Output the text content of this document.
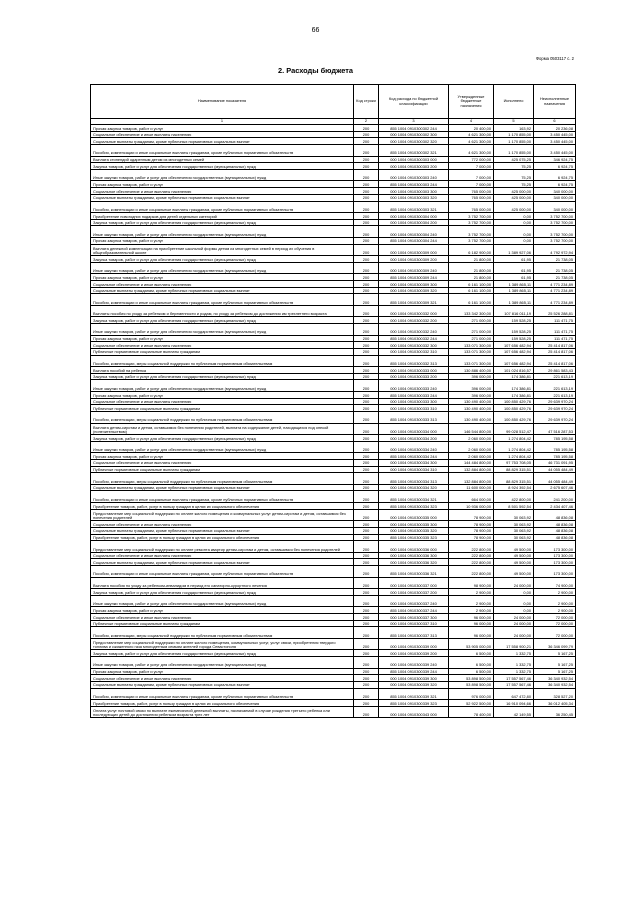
66
Форма 0503117 с. 2
2. Расходы бюджета
Наименование показателя	Код строки	Код расхода по бюджетной классификации	Утвержденные бюджетные назначения	Исполнено	Неисполненные назначения
1	2	3	4	5	6
Прочая закупка товаров, работ и услуг	200	855 1004 0910300302 244	20 400,00	163,92	20 236,08
Социальное обеспечение и иные выплаты населению	200	000 1004 0910300302 300	4 621 300,00	1 170 855,00	3 450 445,00
Социальные выплаты гражданам, кроме публичных нормативных социальных выплат	200	000 1004 0910300302 320	4 621 300,00	1 170 855,00	3 450 445,00
Пособия, компенсации и иные социальные выплаты гражданам, кроме публичных нормативных обязательств	200	855 1004 0910300302 321	4 621 300,00	1 170 855,00	3 450 445,00
Выплата стипендий одаренным детям из многодетных семей	200	000 1004 0910300303 000	772 000,00	425 075,25	346 924,75
Закупка товаров, работ и услуг для обеспечения государственных (муниципальных) нужд	200	000 1004 0910300303 200	7 000,00	75,25	6 924,75
Иные закупки товаров, работ и услуг для обеспечения государственных (муниципальных) нужд	200	000 1004 0910300303 240	7 000,00	75,25	6 924,75
Прочая закупка товаров, работ и услуг	200	855 1004 0910300303 244	7 000,00	75,25	6 924,75
Социальное обеспечение и иные выплаты населению	200	000 1004 0910300303 300	765 000,00	425 000,00	340 000,00
Социальные выплаты гражданам, кроме публичных нормативных социальных выплат	200	000 1004 0910300303 320	765 000,00	425 000,00	340 000,00
Пособия, компенсации и иные социальные выплаты гражданам, кроме публичных нормативных обязательств	200	855 1004 0910300303 321	765 000,00	425 000,00	340 000,00
Приобретение новогодних подарков для детей отдельных категорий	200	000 1004 0910300304 000	3 752 700,00	0,00	3 752 700,00
Закупка товаров, работ и услуг для обеспечения государственных (муниципальных) нужд	200	000 1004 0910300304 200	3 752 700,00	0,00	3 752 700,00
Иные закупки товаров, работ и услуг для обеспечения государственных (муниципальных) нужд	200	000 1004 0910300304 240	3 752 700,00	0,00	3 752 700,00
Прочая закупка товаров, работ и услуг	200	855 1004 0910300304 244	3 752 700,00	0,00	3 752 700,00
Выплата денежной компенсации на приобретение школьной формы детям из многодетных семей в период их обучения в общеобразовательной школе	200	000 1004 0910300309 000	6 182 900,00	1 389 927,06	4 792 972,94
Закупка товаров, работ и услуг для обеспечения государственных (муниципальных) нужд	200	000 1004 0910300309 200	21 800,00	61,95	21 738,05
Иные закупки товаров, работ и услуг для обеспечения государственных (муниципальных) нужд	200	000 1004 0910300309 240	21 800,00	61,95	21 738,05
Прочая закупка товаров, работ и услуг	200	855 1004 0910300309 244	21 800,00	61,95	21 738,05
Социальное обеспечение и иные выплаты населению	200	000 1004 0910300309 300	6 161 100,00	1 389 865,11	4 771 234,89
Социальные выплаты гражданам, кроме публичных нормативных социальных выплат	200	000 1004 0910300309 320	6 161 100,00	1 389 865,11	4 771 234,89
Пособия, компенсации и иные социальные выплаты гражданам, кроме публичных нормативных обязательств	200	855 1004 0910300309 321	6 161 100,00	1 389 865,11	4 771 234,89
Выплаты пособия по уходу за ребенком и беременности и родам, по уходу за ребенком до достижения им трехлетнего возраста	200	000 1004 0910300332 000	133 342 300,00	107 816 011,19	25 526 288,81
Закупка товаров, работ и услуг для обеспечения государственных (муниципальных) нужд	200	000 1004 0910300332 200	271 000,00	159 528,25	111 471,75
Иные закупки товаров, работ и услуг для обеспечения государственных (муниципальных) нужд	200	000 1004 0910300332 240	271 000,00	159 528,25	111 471,75
Прочая закупка товаров, работ и услуг	200	855 1004 0910300332 244	271 000,00	159 528,25	111 471,75
Социальное обеспечение и иные выплаты населению	200	000 1004 0910300332 300	133 071 300,00	107 656 482,94	25 414 817,06
Публичные нормативные социальные выплаты гражданам	200	000 1004 0910300332 310	133 071 300,00	107 656 482,94	25 414 817,06
Пособия, компенсации, меры социальной поддержки по публичным нормативным обязательствам	200	855 1004 0910300332 313	133 071 300,00	107 656 482,94	25 414 817,06
Выплата пособий на ребенка	200	000 1004 0910300333 000	130 886 400,00	101 024 816,57	29 861 583,43
Закупка товаров, работ и услуг для обеспечения государственных (муниципальных) нужд	200	000 1004 0910300333 200	396 000,00	174 386,81	221 613,19
Иные закупки товаров, работ и услуг для обеспечения государственных (муниципальных) нужд	200	000 1004 0910300333 240	396 000,00	174 386,81	221 613,19
Прочая закупка товаров, работ и услуг	200	855 1004 0910300333 244	396 000,00	174 386,81	221 613,19
Социальное обеспечение и иные выплаты населению	200	000 1004 0910300333 300	130 490 400,00	100 850 429,76	29 639 970,24
Публичные нормативные социальные выплаты гражданам	200	000 1004 0910300333 310	130 490 400,00	100 850 429,76	29 639 970,24
Пособия, компенсации, меры социальной поддержки по публичным нормативным обязательствам	200	855 1004 0910300333 313	130 490 400,00	100 850 429,76	29 639 970,24
Выплата детям-сиротам и детям, оставшимся без попечения родителей, выплата на содержание детей, находящихся под опекой (попечительством)	200	000 1004 0910300334 000	146 544 800,00	99 028 512,47	47 516 287,53
Закупка товаров, работ и услуг для обеспечения государственных (муниципальных) нужд	200	000 1004 0910300334 200	2 060 000,00	1 274 804,42	785 195,58
Иные закупки товаров, работ и услуг для обеспечения государственных (муниципальных) нужд	200	000 1004 0910300334 240	2 060 000,00	1 274 804,42	785 195,58
Прочая закупка товаров, работ и услуг	200	855 1004 0910300334 244	2 060 000,00	1 274 804,42	785 195,58
Социальное обеспечение и иные выплаты населению	200	000 1004 0910300334 300	144 484 800,00	97 753 708,05	46 731 091,95
Публичные нормативные социальные выплаты гражданам	200	000 1004 0910300334 310	132 884 800,00	88 829 315,51	44 055 484,49
Пособия, компенсации, меры социальной поддержки по публичным нормативным обязательствам	200	855 1004 0910300334 313	132 884 800,00	88 829 315,51	44 055 484,49
Социальные выплаты гражданам, кроме публичных нормативных социальных выплат	200	000 1004 0910300334 320	11 600 000,00	8 924 392,54	2 675 607,46
Пособия, компенсации и иные социальные выплаты гражданам, кроме публичных нормативных обязательств	200	855 1004 0910300334 321	664 000,00	422 800,00	241 200,00
Приобретение товаров, работ, услуг в пользу граждан в целях их социального обеспечения	200	855 1004 0910300334 323	10 936 000,00	8 501 592,54	2 434 407,46
Предоставление мер социальной поддержки по оплате жилого помещения и коммунальных услуг детям-сиротам и детям, оставшимся без попечения родителей	200	000 1004 0910300335 000	78 900,00	30 063,92	48 836,08
Социальное обеспечение и иные выплаты населению	200	000 1004 0910300335 300	78 900,00	30 063,92	48 836,08
Социальные выплаты гражданам, кроме публичных нормативных социальных выплат	200	000 1004 0910300335 320	78 900,00	30 063,92	48 836,08
Приобретение товаров, работ, услуг в пользу граждан в целях их социального обеспечения	200	855 1004 0910300335 323	78 900,00	30 063,92	48 836,08
Предоставление мер социальной поддержки по оплате ремонта квартир детям-сиротам и детям, оставшимся без попечения родителей	200	000 1004 0910300336 000	222 800,00	49 500,00	173 300,00
Социальное обеспечение и иные выплаты населению	200	000 1004 0910300336 300	222 800,00	49 500,00	173 300,00
Социальные выплаты гражданам, кроме публичных нормативных социальных выплат	200	000 1004 0910300336 320	222 800,00	49 500,00	173 300,00
Пособия, компенсации и иные социальные выплаты гражданам, кроме публичных нормативных обязательств	200	855 1004 0910300336 321	222 800,00	49 500,00	173 300,00
Выплата пособия по уходу за ребенком-инвалидом в период его санаторно-курортного лечения	200	000 1004 0910300337 000	98 900,00	24 000,00	74 900,00
Закупка товаров, работ и услуг для обеспечения государственных (муниципальных) нужд	200	000 1004 0910300337 200	2 900,00	0,00	2 900,00
Иные закупки товаров, работ и услуг для обеспечения государственных (муниципальных) нужд	200	000 1004 0910300337 240	2 900,00	0,00	2 900,00
Прочая закупка товаров, работ и услуг	200	855 1004 0910300337 244	2 900,00	0,00	2 900,00
Социальное обеспечение и иные выплаты населению	200	000 1004 0910300337 300	96 000,00	24 000,00	72 000,00
Публичные нормативные социальные выплаты гражданам	200	000 1004 0910300337 310	96 000,00	24 000,00	72 000,00
Пособия, компенсации, меры социальной поддержки по публичным нормативным обязательствам	200	855 1004 0910300337 313	96 000,00	24 000,00	72 000,00
Предоставление мер социальной поддержки по оплате жилого помещения, коммунальных услуг, услуг связи, приобретения твердого топлива и сжиженного газа многодетным семьям жителей города Севастополя	200	000 1004 0910300339 000	53 905 000,00	17 558 900,21	36 346 099,79
Закупка товаров, работ и услуг для обеспечения государственных (муниципальных) нужд	200	000 1004 0910300339 200	6 500,00	1 332,75	5 167,25
Иные закупки товаров, работ и услуг для обеспечения государственных (муниципальных) нужд	200	000 1004 0910300339 240	6 500,00	1 332,75	5 167,25
Прочая закупка товаров, работ и услуг	200	855 1004 0910300339 244	6 500,00	1 332,75	5 167,25
Социальное обеспечение и иные выплаты населению	200	000 1004 0910300339 300	53 898 500,00	17 557 567,46	36 340 932,54
Социальные выплаты гражданам, кроме публичных нормативных социальных выплат	200	000 1004 0910300339 320	53 898 500,00	17 557 567,46	36 340 932,54
Пособия, компенсации и иные социальные выплаты гражданам, кроме публичных нормативных обязательств	200	855 1004 0910300339 321	976 000,00	647 472,80	328 527,20
Приобретение товаров, работ, услуг в пользу граждан в целях их социального обеспечения	200	855 1004 0910300339 323	52 922 500,00	16 910 094,66	36 012 405,34
Оплата услуг почтовой связи по выплате ежемесячной денежной выплаты, назначаемой в случае рождения третьего ребенка или последующих детей до достижения ребенком возраста трех лет	200	000 1004 0910300343 000	78 400,00	42 149,55	36 250,45
